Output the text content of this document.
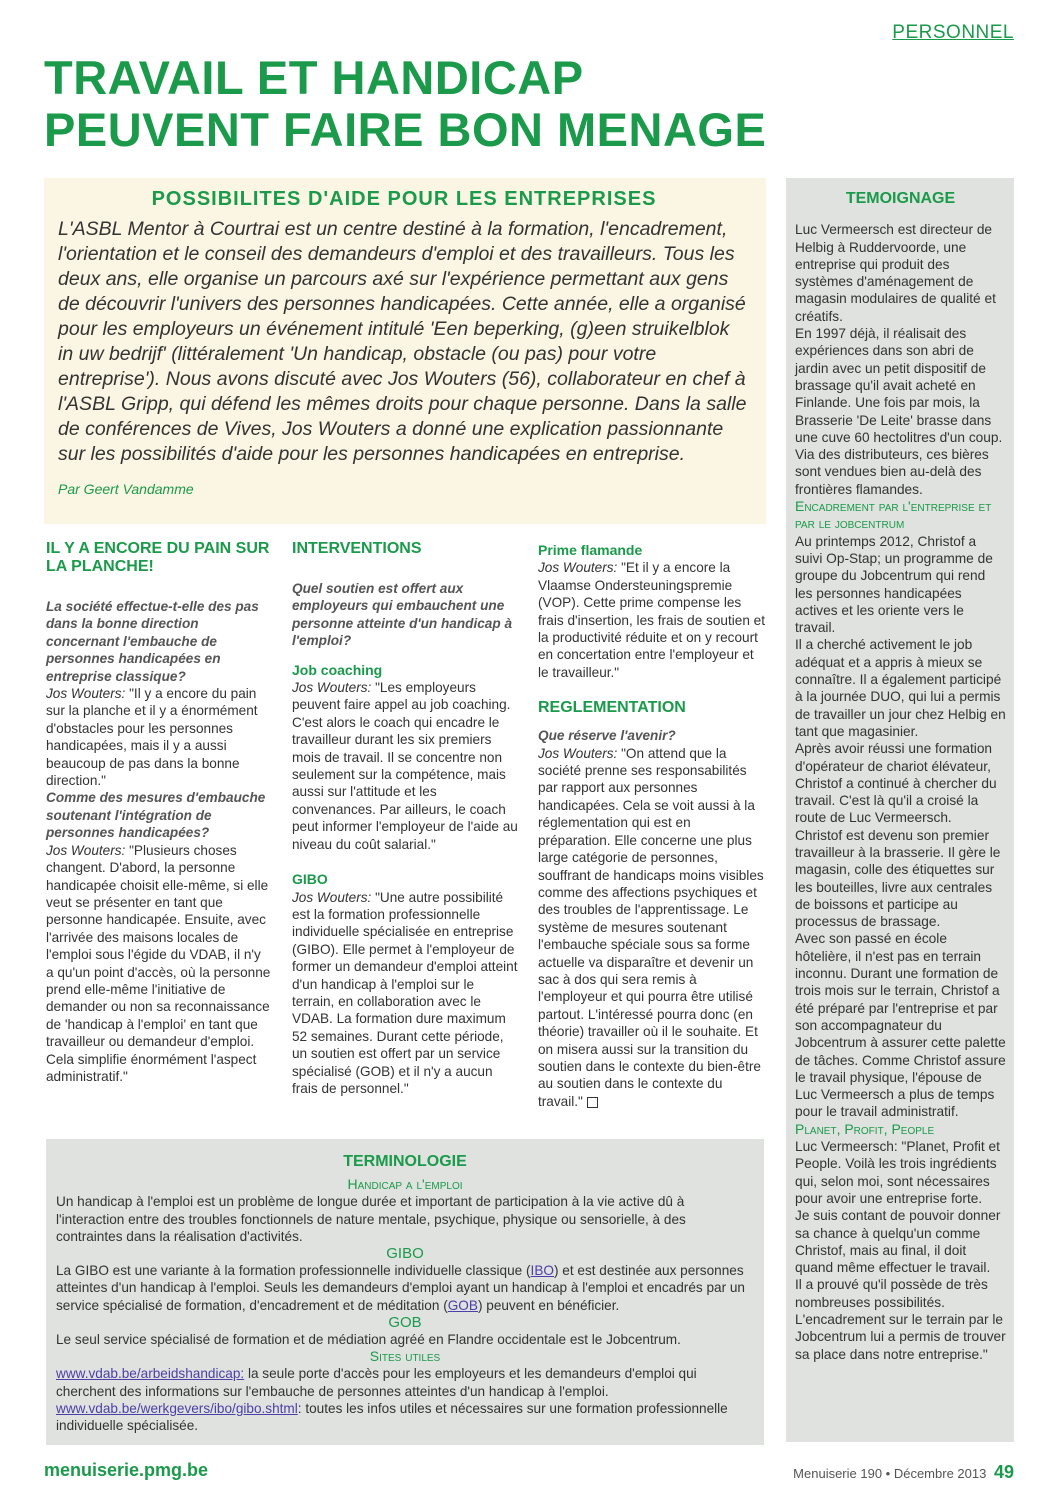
PERSONNEL
TRAVAIL ET HANDICAP
PEUVENT FAIRE BON MENAGE
POSSIBILITES D'AIDE POUR LES ENTREPRISES

L'ASBL Mentor à Courtrai est un centre destiné à la formation, l'encadrement, l'orientation et le conseil des demandeurs d'emploi et des travailleurs. Tous les deux ans, elle organise un parcours axé sur l'expérience permettant aux gens de découvrir l'univers des personnes handicapées. Cette année, elle a organisé pour les employeurs un événement intitulé 'Een beperking, (g)een struikelblok in uw bedrijf' (littéralement 'Un handicap, obstacle (ou pas) pour votre entreprise'). Nous avons discuté avec Jos Wouters (56), collaborateur en chef à l'ASBL Gripp, qui défend les mêmes droits pour chaque personne. Dans la salle de conférences de Vives, Jos Wouters a donné une explication passionnante sur les possibilités d'aide pour les personnes handicapées en entreprise.

Par Geert Vandamme

IL Y A ENCORE DU PAIN SUR LA PLANCHE!

La société effectue-t-elle des pas dans la bonne direction concernant l'embauche de personnes handicapées en entreprise classique?

Jos Wouters: "Il y a encore du pain sur la planche et il y a énormément d'obstacles pour les personnes handicapées, mais il y a aussi beaucoup de pas dans la bonne direction."

Comme des mesures d'embauche soutenant l'intégration de personnes handicapées?

Jos Wouters: "Plusieurs choses changent. D'abord, la personne handicapée choisit elle-même, si elle veut se présenter en tant que personne handicapée. Ensuite, avec l'arrivée des maisons locales de l'emploi sous l'égide du VDAB, il n'y a qu'un point d'accès, où la personne prend elle-même l'initiative de demander ou non sa reconnaissance de 'handicap à l'emploi' en tant que travailleur ou demandeur d'emploi. Cela simplifie énormément l'aspect administratif."

INTERVENTIONS

Quel soutien est offert aux employeurs qui embauchent une personne atteinte d'un handicap à l'emploi?

Job coaching

Jos Wouters: "Les employeurs peuvent faire appel au job coaching. C'est alors le coach qui encadre le travailleur durant les six premiers mois de travail. Il se concentre non seulement sur la compétence, mais aussi sur l'attitude et les convenances. Par ailleurs, le coach peut informer l'employeur de l'aide au niveau du coût salarial."

GIBO

Jos Wouters: "Une autre possibilité est la formation professionnelle individuelle spécialisée en entreprise (GIBO). Elle permet à l'employeur de former un demandeur d'emploi atteint d'un handicap à l'emploi sur le terrain, en collaboration avec le VDAB. La formation dure maximum 52 semaines. Durant cette période, un soutien est offert par un service spécialisé (GOB) et il n'y a aucun frais de personnel."

Prime flamande

Jos Wouters: "Et il y a encore la Vlaamse Ondersteuningspremie (VOP). Cette prime compense les frais d'insertion, les frais de soutien et la productivité réduite et on y recourt en concertation entre l'employeur et le travailleur."

REGLEMENTATION

Que réserve l'avenir?

Jos Wouters: "On attend que la société prenne ses responsabilités par rapport aux personnes handicapées. Cela se voit aussi à la réglementation qui est en préparation. Elle concerne une plus large catégorie de personnes, souffrant de handicaps moins visibles comme des affections psychiques et des troubles de l'apprentissage. Le système de mesures soutenant l'embauche spéciale sous sa forme actuelle va disparaître et devenir un sac à dos qui sera remis à l'employeur et qui pourra être utilisé partout. L'intéressé pourra donc (en théorie) travailler où il le souhaite. Et on misera aussi sur la transition du soutien dans le contexte du bien-être au soutien dans le contexte du travail."

TEMOIGNAGE

Luc Vermeersch est directeur de Helbig à Ruddervoorde, une entreprise qui produit des systèmes d'aménagement de magasin modulaires de qualité et créatifs.

En 1997 déjà, il réalisait des expériences dans son abri de jardin avec un petit dispositif de brassage qu'il avait acheté en Finlande. Une fois par mois, la Brasserie 'De Leite' brasse dans une cuve 60 hectolitres d'un coup.

Via des distributeurs, ces bières sont vendues bien au-delà des frontières flamandes.

Encadrement par l'entreprise et par le jobcentrum

Au printemps 2012, Christof a suivi Op-Stap; un programme de groupe du Jobcentrum qui rend les personnes handicapées actives et les oriente vers le travail.

Il a cherché activement le job adéquat et a appris à mieux se connaître. Il a également participé à la journée DUO, qui lui a permis de travailler un jour chez Helbig en tant que magasinier.

Après avoir réussi une formation d'opérateur de chariot élévateur, Christof a continué à chercher du travail. C'est là qu'il a croisé la route de Luc Vermeersch.

Christof est devenu son premier travailleur à la brasserie. Il gère le magasin, colle des étiquettes sur les bouteilles, livre aux centrales de boissons et participe au processus de brassage.

Avec son passé en école hôtelière, il n'est pas en terrain inconnu. Durant une formation de trois mois sur le terrain, Christof a été préparé par l'entreprise et par son accompagnateur du Jobcentrum à assurer cette palette de tâches. Comme Christof assure le travail physique, l'épouse de Luc Vermeersch a plus de temps pour le travail administratif.

Planet, Profit, People

Luc Vermeersch: "Planet, Profit et People. Voilà les trois ingrédients qui, selon moi, sont nécessaires pour avoir une entreprise forte.

Je suis contant de pouvoir donner sa chance à quelqu'un comme Christof, mais au final, il doit quand même effectuer le travail.

Il a prouvé qu'il possède de très nombreuses possibilités. L'encadrement sur le terrain par le Jobcentrum lui a permis de trouver sa place dans notre entreprise."

TERMINOLOGIE

Handicap a l'emploi

Un handicap à l'emploi est un problème de longue durée et important de participation à la vie active dû à l'interaction entre des troubles fonctionnels de nature mentale, psychique, physique ou sensorielle, à des contraintes dans la réalisation d'activités.

GIBO

La GIBO est une variante à la formation professionnelle individuelle classique (IBO) et est destinée aux personnes atteintes d'un handicap à l'emploi. Seuls les demandeurs d'emploi ayant un handicap à l'emploi et encadrés par un service spécialisé de formation, d'encadrement et de méditation (GOB) peuvent en bénéficier.

GOB

Le seul service spécialisé de formation et de médiation agréé en Flandre occidentale est le Jobcentrum.

Sites utiles

www.vdab.be/arbeidshandicap: la seule porte d'accès pour les employeurs et les demandeurs d'emploi qui cherchent des informations sur l'embauche de personnes atteintes d'un handicap à l'emploi.

www.vdab.be/werkgevers/ibo/gibo.shtml: toutes les infos utiles et nécessaires sur une formation professionnelle individuelle spécialisée.

menuiserie.pmg.be	Menuiserie 190 • Décembre 2013 49
